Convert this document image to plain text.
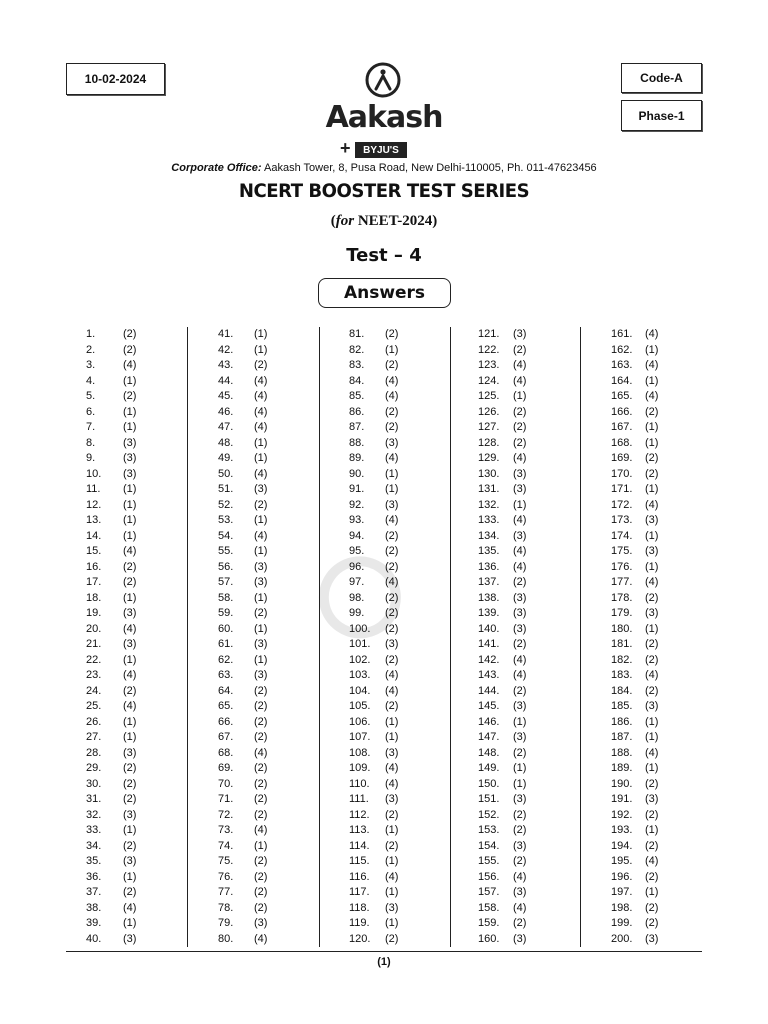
10-02-2024	Code-A
Phase-1
Aakash
+	BYJU'S
Corporate Office: Aakash Tower, 8, Pusa Road, New Delhi-110005, Ph. 011-47623456
NCERT BOOSTER TEST SERIES
(for NEET-2024)
Test – 4
Answers
1.	(2)
2.	(2)
3.	(4)
4.	(1)
5.	(2)
6.	(1)
7.	(1)
8.	(3)
9.	(3)
10. (3)
11. (1)
12. (1)
13. (1)
14. (1)
15. (4)
16. (2)
17. (2)
18. (1)
19. (3)
20. (4)
21. (3)
22. (1)
23. (4)
24. (2)
25. (4)
26. (1)
27. (1)
28. (3)
29. (2)
30. (2)
31. (2)
32. (3)
33. (1)
34. (2)
35. (3)
36. (1)
37. (2)
38. (4)
39. (1)
40. (3)
41. (1)
42. (1)
43. (2)
44. (4)
45. (4)
46. (4)
47. (4)
48. (1)
49. (1)
50. (4)
51. (3)
52. (2)
53. (1)
54. (4)
55. (1)
56. (3)
57. (3)
58. (1)
59. (2)
60. (1)
61. (3)
62. (1)
63. (3)
64. (2)
65. (2)
66. (2)
67. (2)
68. (4)
69. (2)
70. (2)
71. (2)
72. (2)
73. (4)
74. (1)
75. (2)
76. (2)
77. (2)
78. (2)
79. (3)
80. (4)
81. (2)
82. (1)
83. (2)
84. (4)
85. (4)
86. (2)
87. (2)
88. (3)
89. (4)
90. (1)
91. (1)
92. (3)
93. (4)
94. (2)
95. (2)
96. (2)
97. (4)
98. (2)
99. (2)
100. (2)
101. (3)
102. (2)
103. (4)
104. (4)
105. (2)
106. (1)
107. (1)
108. (3)
109. (4)
110. (4)
111. (3)
112. (2)
113. (1)
114. (2)
115. (1)
116. (4)
117. (1)
118. (3)
119. (1)
120. (2)
121. (3)
122. (2)
123. (4)
124. (4)
125. (1)
126. (2)
127. (2)
128. (2)
129. (4)
130. (3)
131. (3)
132. (1)
133. (4)
134. (3)
135. (4)
136. (4)
137. (2)
138. (3)
139. (3)
140. (3)
141. (2)
142. (4)
143. (4)
144. (2)
145. (3)
146. (1)
147. (3)
148. (2)
149. (1)
150. (1)
151. (3)
152. (2)
153. (2)
154. (3)
155. (2)
156. (4)
157. (3)
158. (4)
159. (2)
160. (3)
161. (4)
162. (1)
163. (4)
164. (1)
165. (4)
166. (2)
167. (1)
168. (1)
169. (2)
170. (2)
171. (1)
172. (4)
173. (3)
174. (1)
175. (3)
176. (1)
177. (4)
178. (2)
179. (3)
180. (1)
181. (2)
182. (2)
183. (4)
184. (2)
185. (3)
186. (1)
187. (1)
188. (4)
189. (1)
190. (2)
191. (3)
192. (2)
193. (1)
194. (2)
195. (4)
196. (2)
197. (1)
198. (2)
199. (2)
200. (3)
(1)
